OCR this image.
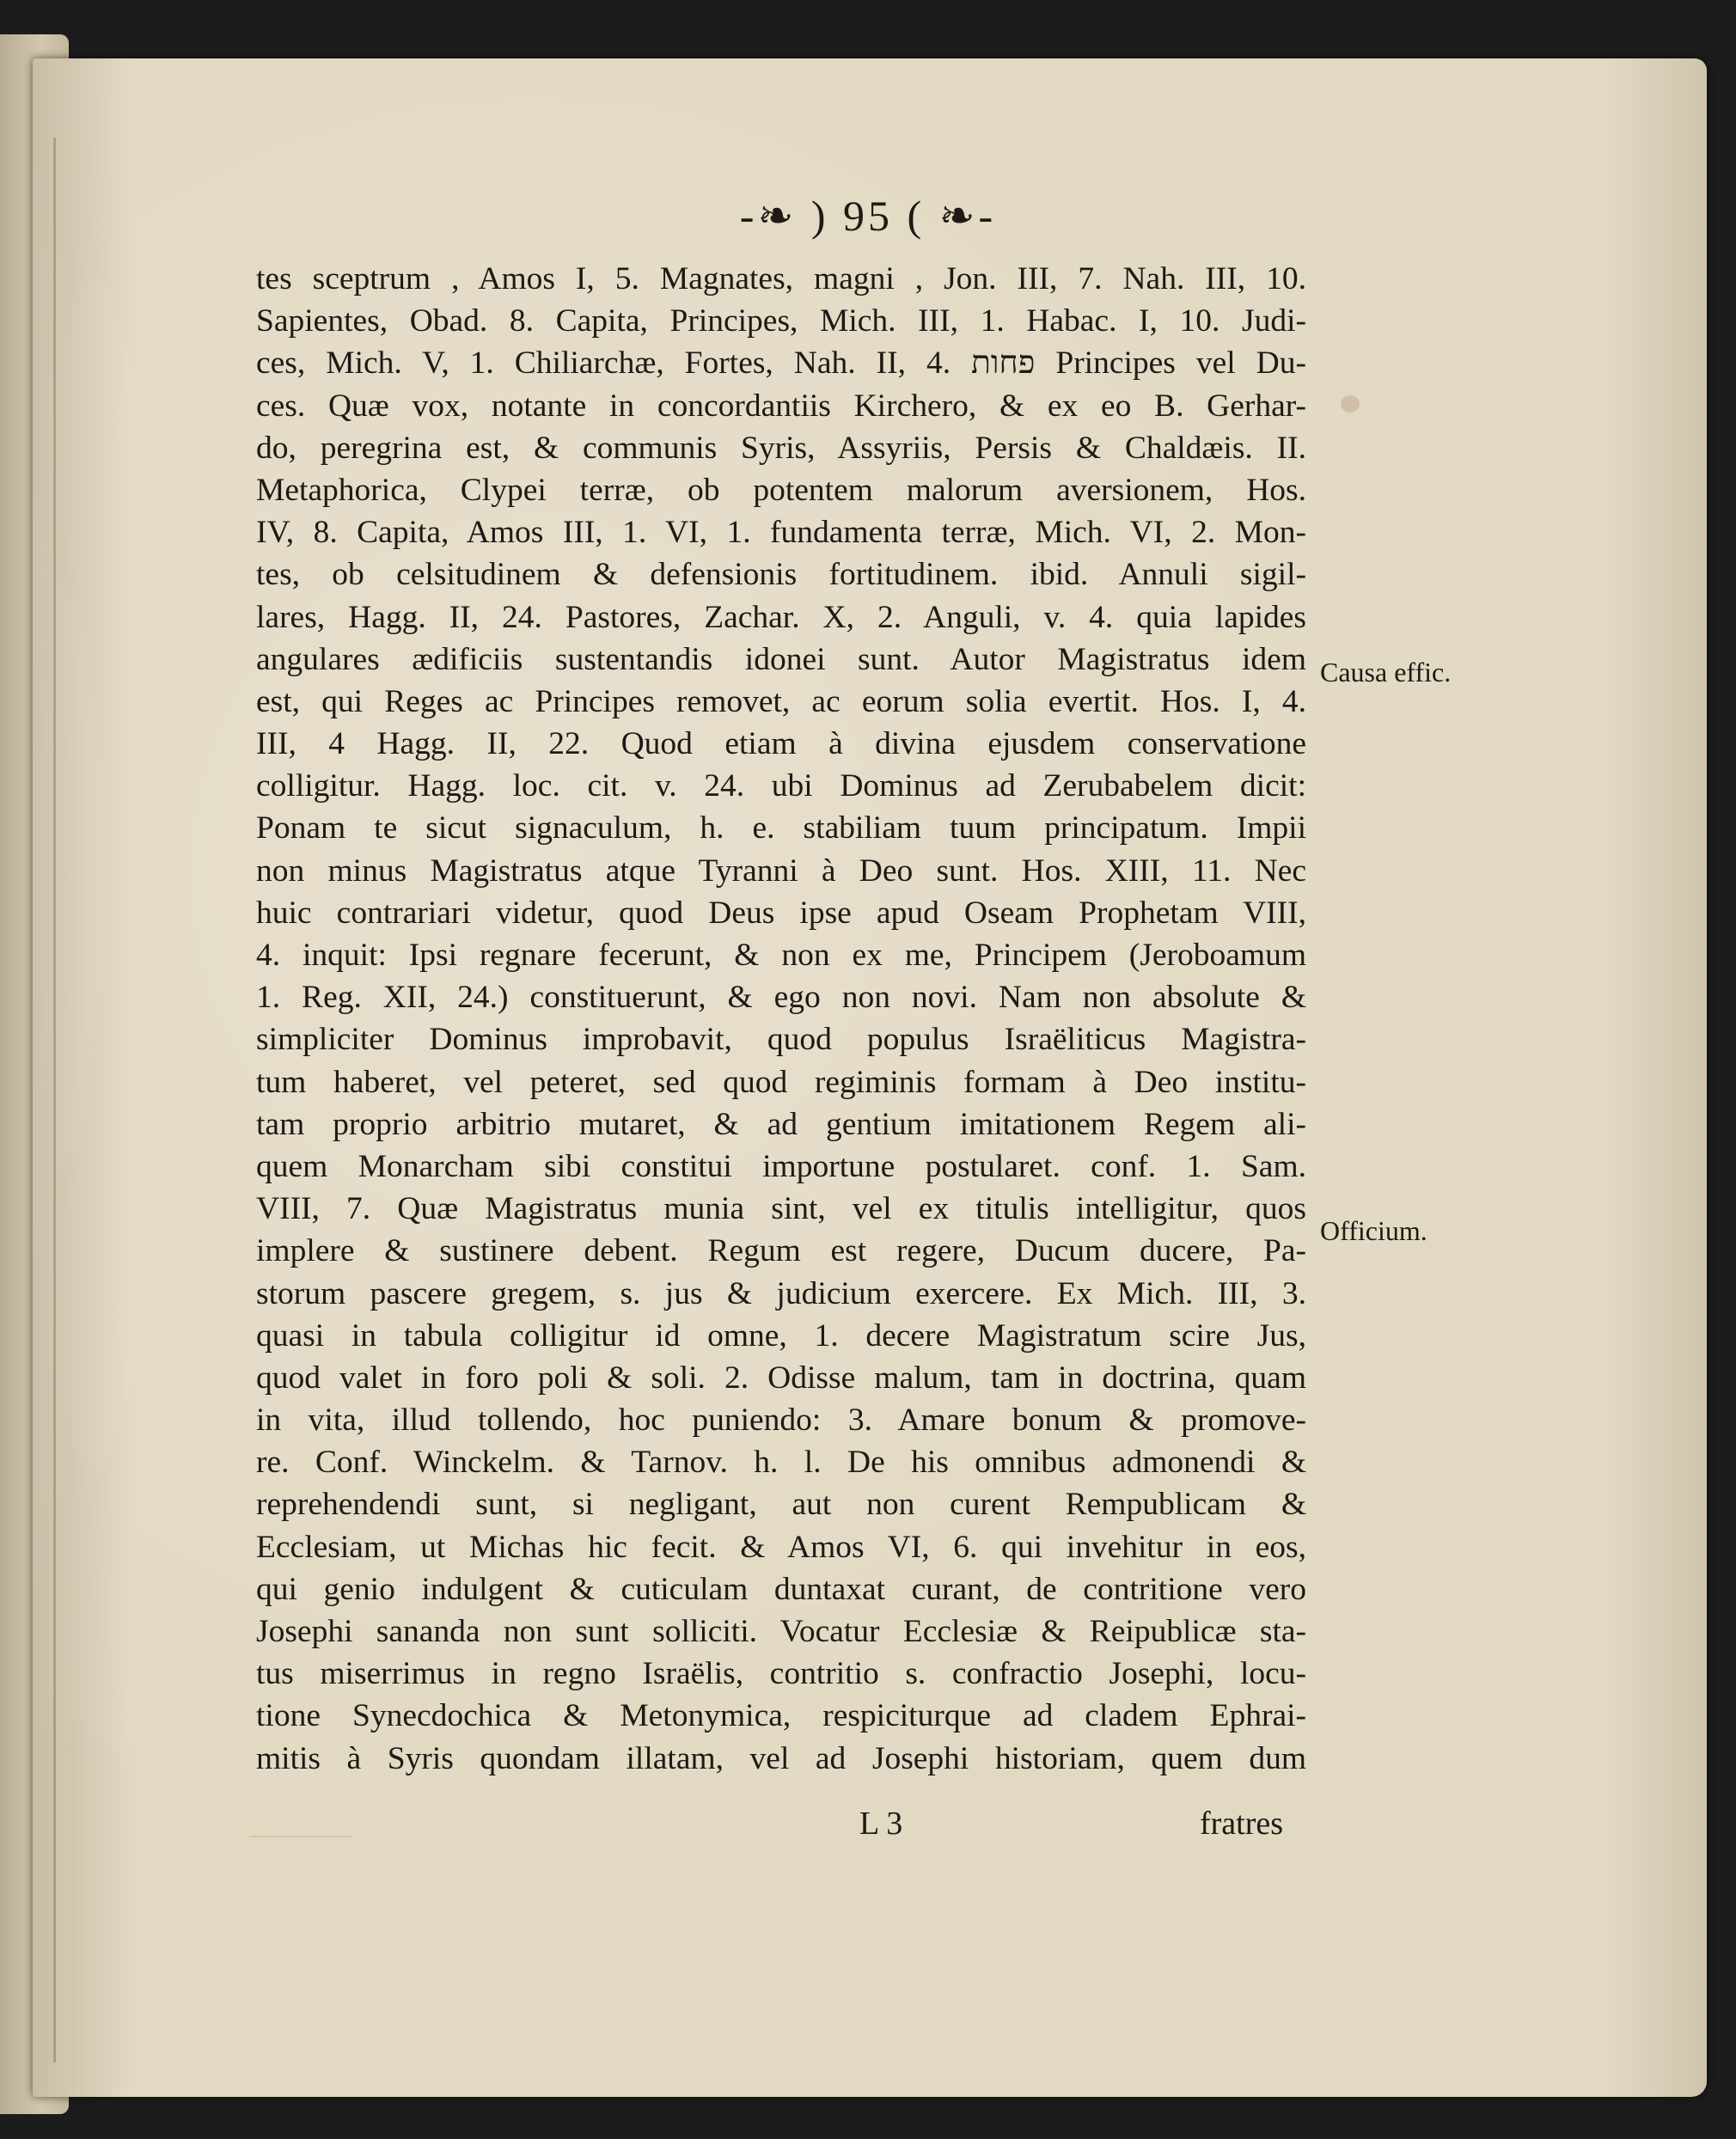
-❧ ) 95 ( ❧-
tes sceptrum , Amos I, 5. Magnates, magni , Jon. III, 7. Nah. III, 10.
Sapientes, Obad. 8. Capita, Principes, Mich. III, 1. Habac. I, 10. Judi-
ces, Mich. V, 1. Chiliarchæ, Fortes, Nah. II, 4. פחות Principes vel Du-
ces. Quæ vox, notante in concordantiis Kirchero, & ex eo B. Gerhar-
do, peregrina est, & communis Syris, Assyriis, Persis & Chaldæis. II.
Metaphorica, Clypei terræ, ob potentem malorum aversionem, Hos.
IV, 8. Capita, Amos III, 1. VI, 1. fundamenta terræ, Mich. VI, 2. Mon-
tes, ob celsitudinem & defensionis fortitudinem. ibid. Annuli sigil-
lares, Hagg. II, 24. Pastores, Zachar. X, 2. Anguli, v. 4. quia lapides
angulares ædificiis sustentandis idonei sunt. Autor Magistratus idem
est, qui Reges ac Principes removet, ac eorum solia evertit. Hos. I, 4.
III, 4 Hagg. II, 22. Quod etiam à divina ejusdem conservatione
colligitur. Hagg. loc. cit. v. 24. ubi Dominus ad Zerubabelem dicit:
Ponam te sicut signaculum, h. e. stabiliam tuum principatum. Impii
non minus Magistratus atque Tyranni à Deo sunt. Hos. XIII, 11. Nec
huic contrariari videtur, quod Deus ipse apud Oseam Prophetam VIII,
4. inquit: Ipsi regnare fecerunt, & non ex me, Principem (Jeroboamum
1. Reg. XII, 24.) constituerunt, & ego non novi. Nam non absolute &
simpliciter Dominus improbavit, quod populus Israëliticus Magistra-
tum haberet, vel peteret, sed quod regiminis formam à Deo institu-
tam proprio arbitrio mutaret, & ad gentium imitationem Regem ali-
quem Monarcham sibi constitui importune postularet. conf. 1. Sam.
VIII, 7. Quæ Magistratus munia sint, vel ex titulis intelligitur, quos
implere & sustinere debent. Regum est regere, Ducum ducere, Pa-
storum pascere gregem, s. jus & judicium exercere. Ex Mich. III, 3.
quasi in tabula colligitur id omne, 1. decere Magistratum scire Jus,
quod valet in foro poli & soli. 2. Odisse malum, tam in doctrina, quam
in vita, illud tollendo, hoc puniendo: 3. Amare bonum & promove-
re. Conf. Winckelm. & Tarnov. h. l. De his omnibus admonendi &
reprehendendi sunt, si negligant, aut non curent Rempublicam &
Ecclesiam, ut Michas hic fecit. & Amos VI, 6. qui invehitur in eos,
qui genio indulgent & cuticulam duntaxat curant, de contritione vero
Josephi sananda non sunt solliciti. Vocatur Ecclesiæ & Reipublicæ sta-
tus miserrimus in regno Israëlis, contritio s. confractio Josephi, locu-
tione Synecdochica & Metonymica, respiciturque ad cladem Ephrai-
mitis à Syris quondam illatam, vel ad Josephi historiam, quem dum
Causa effic.
Officium.
L 3	fratres
